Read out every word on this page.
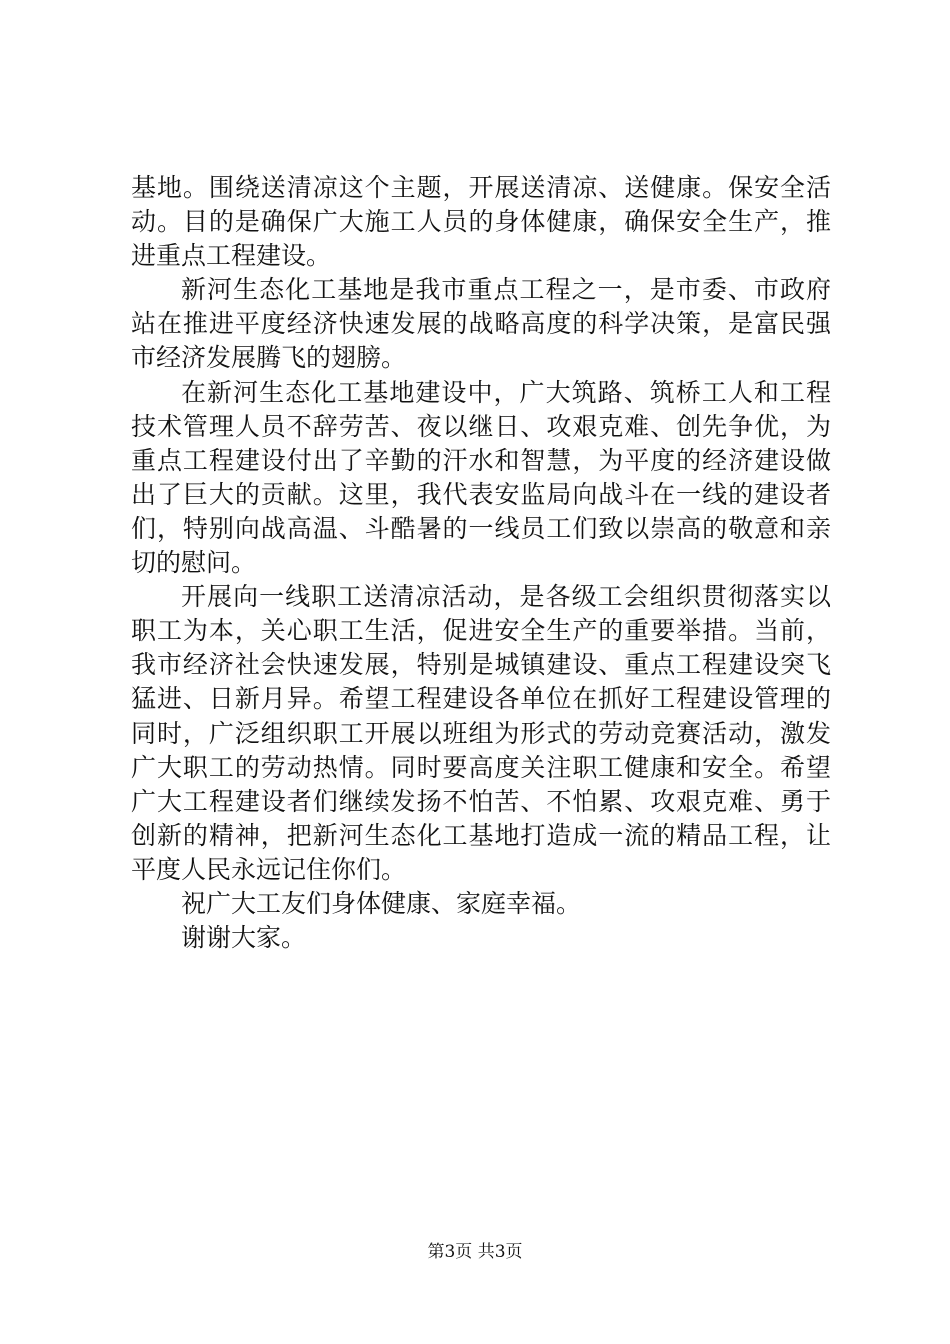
基地。围绕送清凉这个主题，开展送清凉、送健康。保安全活
动。目的是确保广大施工人员的身体健康，确保安全生产，推
进重点工程建设。
新河生态化工基地是我市重点工程之一，是市委、市政府
站在推进平度经济快速发展的战略高度的科学决策，是富民强
市经济发展腾飞的翅膀。
在新河生态化工基地建设中，广大筑路、筑桥工人和工程
技术管理人员不辞劳苦、夜以继日、攻艰克难、创先争优，为
重点工程建设付出了辛勤的汗水和智慧，为平度的经济建设做
出了巨大的贡献。这里，我代表安监局向战斗在一线的建设者
们，特别向战高温、斗酷暑的一线员工们致以崇高的敬意和亲
切的慰问。
开展向一线职工送清凉活动，是各级工会组织贯彻落实以
职工为本，关心职工生活，促进安全生产的重要举措。当前，
我市经济社会快速发展，特别是城镇建设、重点工程建设突飞
猛进、日新月异。希望工程建设各单位在抓好工程建设管理的
同时，广泛组织职工开展以班组为形式的劳动竞赛活动，激发
广大职工的劳动热情。同时要高度关注职工健康和安全。希望
广大工程建设者们继续发扬不怕苦、不怕累、攻艰克难、勇于
创新的精神，把新河生态化工基地打造成一流的精品工程，让
平度人民永远记住你们。
祝广大工友们身体健康、家庭幸福。
谢谢大家。
第3页 共3页
